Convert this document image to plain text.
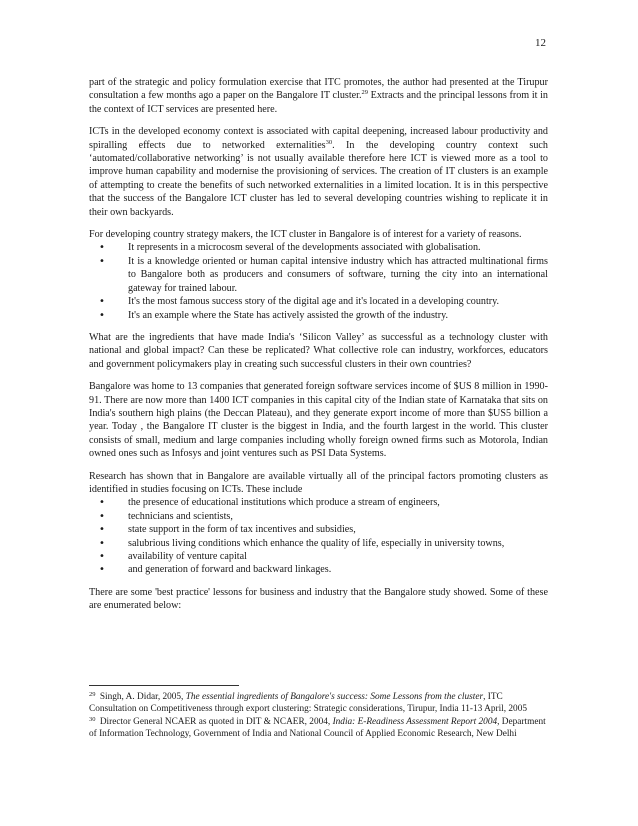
12

part of the strategic and policy formulation exercise that ITC promotes, the author had presented at the Tirupur consultation a few months ago a paper on the Bangalore IT cluster.$^{29}$ Extracts and the principal lessons from it in the context of ICT services are presented here.

ICTs in the developed economy context is associated with capital deepening, increased labour productivity and spiralling effects due to networked externalities$^{30}$. In the developing country context such ‘automated/collaborative networking’ is not usually available therefore here ICT is viewed more as a tool to improve human capability and modernise the provisioning of services. The creation of IT clusters is an example of attempting to create the benefits of such networked externalities in a limited location. It is in this perspective that the success of the Bangalore ICT cluster has led to several developing countries wishing to replicate it in their own backyards.

For developing country strategy makers, the ICT cluster in Bangalore is of interest for a variety of reasons.

• It represents in a microcosm several of the developments associated with globalisation.
• It is a knowledge oriented or human capital intensive industry which has attracted multinational firms to Bangalore both as producers and consumers of software, turning the city into an international gateway for trained labour.
• It's the most famous success story of the digital age and it's located in a developing country.
• It's an example where the State has actively assisted the growth of the industry.

What are the ingredients that have made India's ‘Silicon Valley’ as successful as a technology cluster with national and global impact? Can these be replicated? What collective role can industry, workforces, educators and government policymakers play in creating such successful clusters in their own countries?

Bangalore was home to 13 companies that generated foreign software services income of $US 8 million in 1990-91. There are now more than 1400 ICT companies in this capital city of the Indian state of Karnataka that sits on India's southern high plains (the Deccan Plateau), and they generate export income of more than $US5 billion a year. Today , the Bangalore IT cluster is the biggest in India, and the fourth largest in the world. This cluster consists of small, medium and large companies including wholly foreign owned firms such as Motorola, Indian owned ones such as Infosys and joint ventures such as PSI Data Systems.

Research has shown that in Bangalore are available virtually all of the principal factors promoting clusters as identified in studies focusing on ICTs. These include

• the presence of educational institutions which produce a stream of engineers,
• technicians and scientists,
• state support in the form of tax incentives and subsidies,
• salubrious living conditions which enhance the quality of life, especially in university towns,
• availability of venture capital
• and generation of forward and backward linkages.

There are some 'best practice' lessons for business and industry that the Bangalore study showed. Some of these are enumerated below:

$^{29}$ Singh, A. Didar, 2005, The essential ingredients of Bangalore's success: Some Lessons from the cluster, ITC Consultation on Competitiveness through export clustering: Strategic considerations, Tirupur, India 11-13 April, 2005

$^{30}$ Director General NCAER as quoted in DIT & NCAER, 2004, India: E-Readiness Assessment Report 2004, Department of Information Technology, Government of India and National Council of Applied Economic Research, New Delhi
